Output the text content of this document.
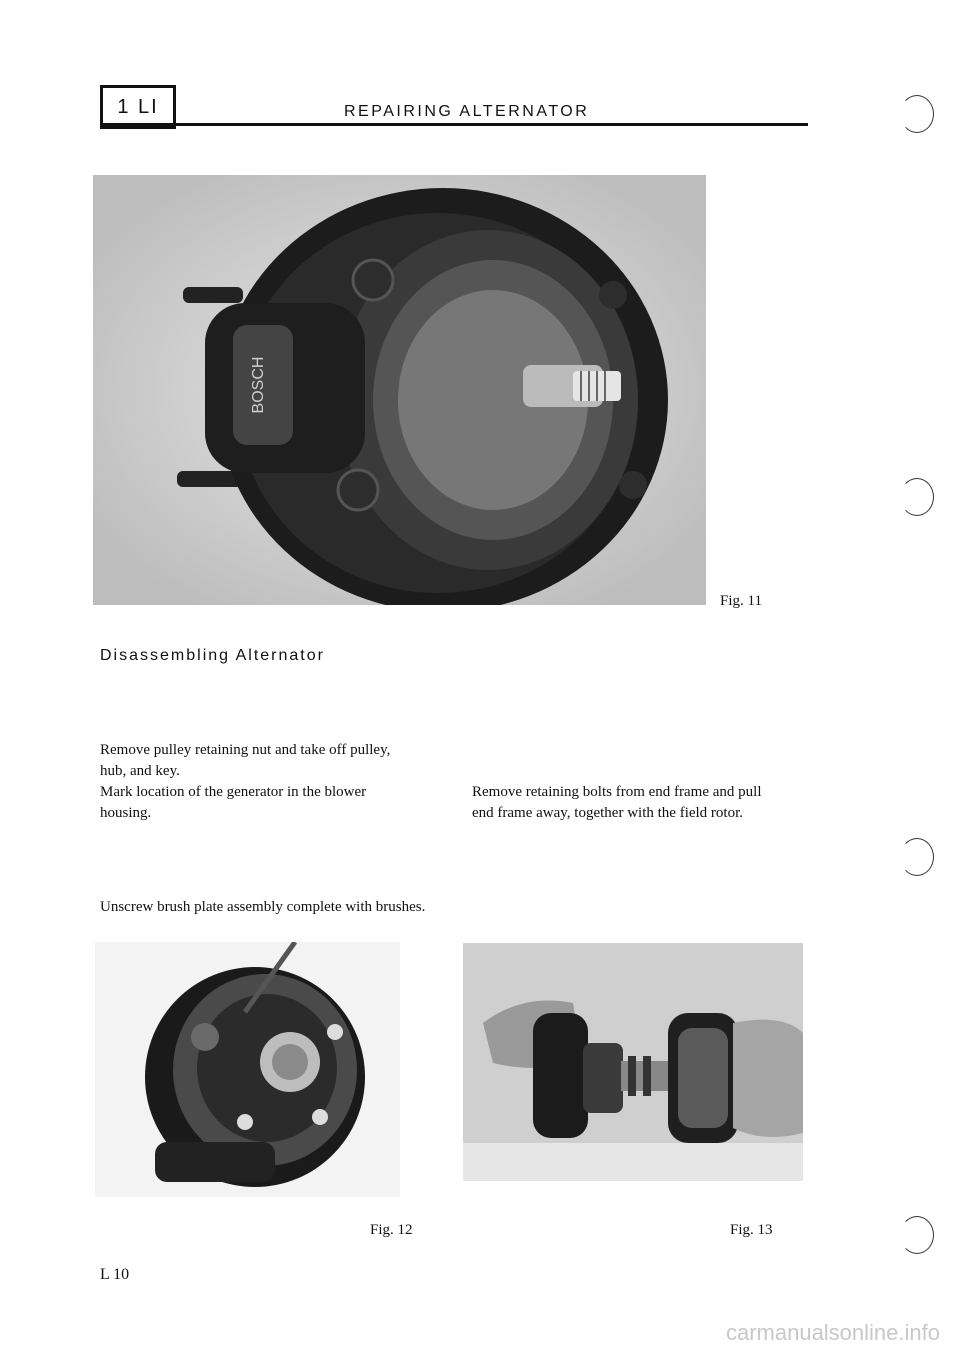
1 LI	REPAIRING ALTERNATOR
BOSCH
Fig. 11
Disassembling Alternator
Remove pulley retaining nut and take off pulley,
hub, and key.
Mark location of the generator in the blower
housing.
Remove retaining bolts from end frame and pull
end frame away, together with the field rotor.
Unscrew brush plate assembly complete with brushes.
Fig. 12	Fig. 13
L 10
carmanualsonline.info
